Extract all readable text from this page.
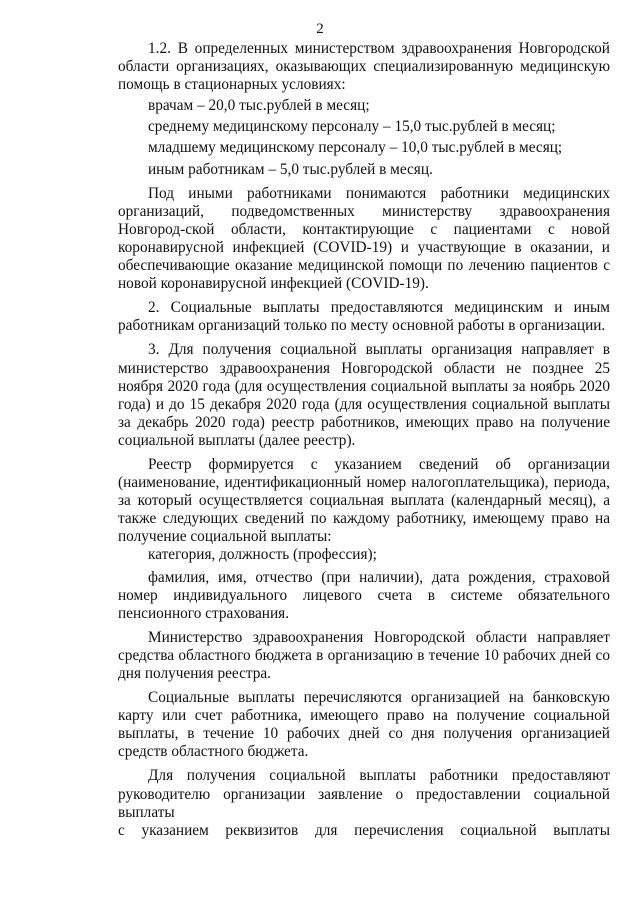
2

1.2. В определенных министерством здравоохранения Новгородской области организациях, оказывающих специализированную медицинскую помощь в стационарных условиях:

врачам – 20,0 тыс.рублей в месяц;

среднему медицинскому персоналу – 15,0 тыс.рублей в месяц;

младшему медицинскому персоналу – 10,0 тыс.рублей в месяц;

иным работникам – 5,0 тыс.рублей в месяц.

Под иными работниками понимаются работники медицинских организаций, подведомственных министерству здравоохранения Новгород-ской области, контактирующие с пациентами с новой коронавирусной инфекцией (COVID-19) и участвующие в оказании, и обеспечивающие оказание медицинской помощи по лечению пациентов с новой коронавирусной инфекцией (COVID-19).

2. Социальные выплаты предоставляются медицинским и иным работникам организаций только по месту основной работы в организации.

3. Для получения социальной выплаты организация направляет в министерство здравоохранения Новгородской области не позднее 25 ноября 2020 года (для осуществления социальной выплаты за ноябрь 2020 года) и до 15 декабря 2020 года (для осуществления социальной выплаты за декабрь 2020 года) реестр работников, имеющих право на получение социальной выплаты (далее реестр).

Реестр формируется с указанием сведений об организации (наименование, идентификационный номер налогоплательщика), периода, за который осуществляется социальная выплата (календарный месяц), а также следующих сведений по каждому работнику, имеющему право на получение социальной выплаты:

категория, должность (профессия);

фамилия, имя, отчество (при наличии), дата рождения, страховой номер индивидуального лицевого счета в системе обязательного пенсионного страхования.

Министерство здравоохранения Новгородской области направляет средства областного бюджета в организацию в течение 10 рабочих дней со дня получения реестра.

Социальные выплаты перечисляются организацией на банковскую карту или счет работника, имеющего право на получение социальной выплаты, в течение 10 рабочих дней со дня получения организацией средств областного бюджета.

Для получения социальной выплаты работники предоставляют руководителю организации заявление о предоставлении социальной выплаты

с указанием реквизитов для перечисления социальной выплаты
